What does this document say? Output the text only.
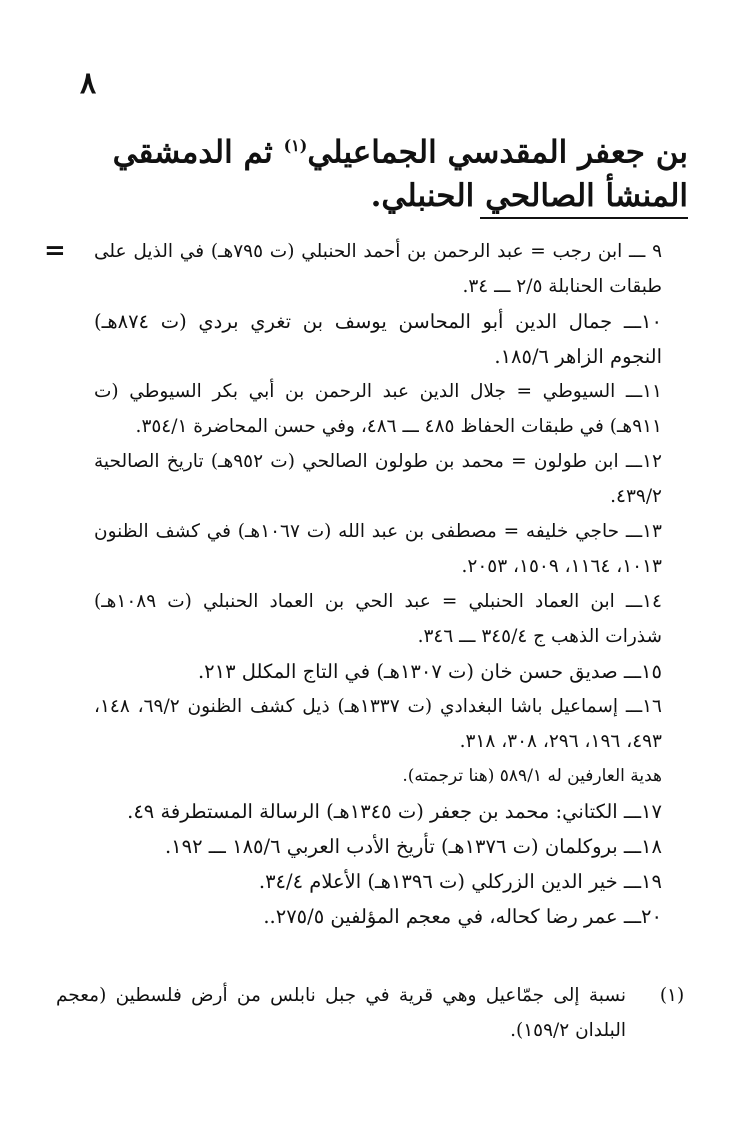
٨
بن جعفر المقدسي الجماعيلي$^{(١)}$ ثم الدمشقي المنشأ الصالحي الحنبلي.
= ٩ ـــ ابن رجب = عبد الرحمن بن أحمد الحنبلي (ت ٧٩٥هـ) في الذيل على طبقات الحنابلة ٢/٥ ـــ ٣٤.

١٠ـــ جمال الدين أبو المحاسن يوسف بن تغري بردي (ت ٨٧٤هـ) النجوم الزاهر ١٨٥/٦.

١١ـــ السيوطي = جلال الدين عبد الرحمن بن أبي بكر السيوطي (ت ٩١١هـ) في طبقات الحفاظ ٤٨٥ ـــ ٤٨٦، وفي حسن المحاضرة ٣٥٤/١.

١٢ـــ ابن طولون = محمد بن طولون الصالحي (ت ٩٥٢هـ) تاريخ الصالحية ٤٣٩/٢.

١٣ـــ حاجي خليفه = مصطفى بن عبد الله (ت ١٠٦٧هـ) في كشف الظنون ١٠١٣، ١١٦٤، ١٥٠٩، ٢٠٥٣.

١٤ـــ ابن العماد الحنبلي = عبد الحي بن العماد الحنبلي (ت ١٠٨٩هـ) شذرات الذهب ج ٣٤٥/٤ ـــ ٣٤٦.

١٥ـــ صديق حسن خان (ت ١٣٠٧هـ) في التاج المكلل ٢١٣.

١٦ـــ إسماعيل باشا البغدادي (ت ١٣٣٧هـ) ذيل كشف الظنون ٦٩/٢، ١٤٨، ٤٩٣، ١٩٦، ٢٩٦، ٣٠٨، ٣١٨.

هدية العارفين له ٥٨٩/١ (هنا ترجمته).

١٧ـــ الكتاني: محمد بن جعفر (ت ١٣٤٥هـ) الرسالة المستطرفة ٤٩.

١٨ـــ بروكلمان (ت ١٣٧٦هـ) تأريخ الأدب العربي ١٨٥/٦ ـــ ١٩٢.

١٩ـــ خير الدين الزركلي (ت ١٣٩٦هـ) الأعلام ٣٤/٤.

٢٠ـــ عمر رضا كحاله، في معجم المؤلفين ٢٧٥/٥..

(١)
نسبة إلى جمّاعيل وهي قرية في جبل نابلس من أرض فلسطين (معجم البلدان ١٥٩/٢).
